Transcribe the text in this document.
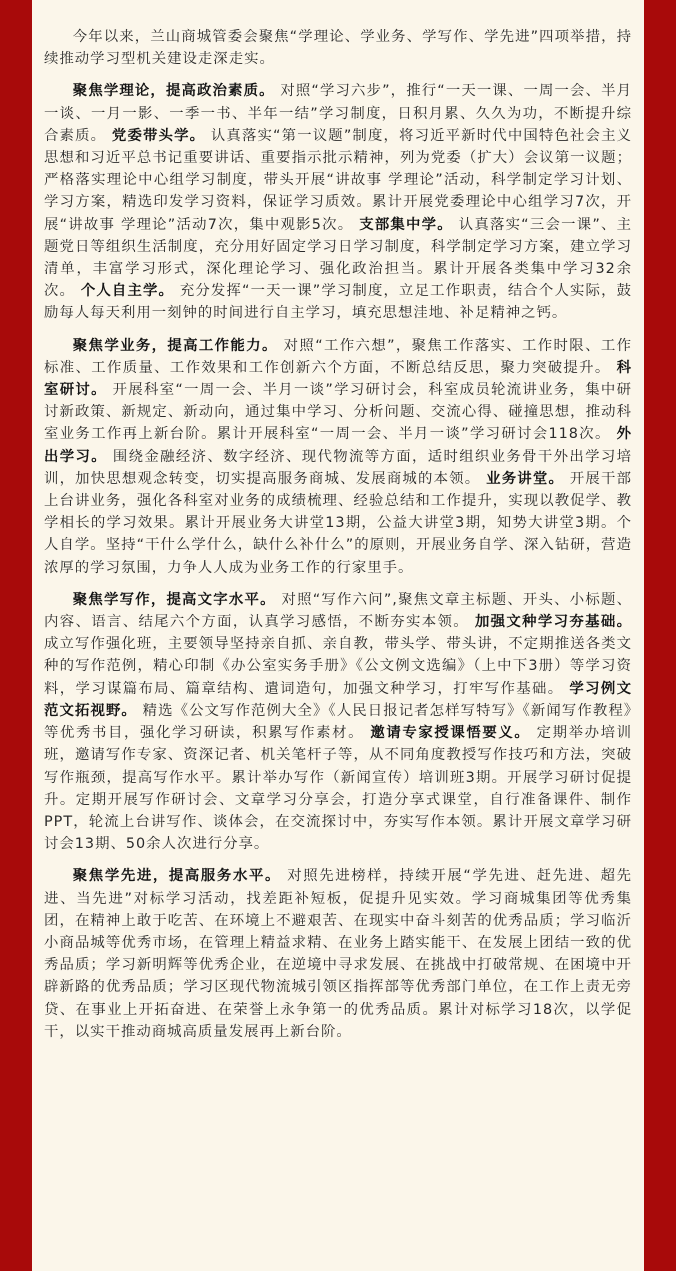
今年以来，兰山商城管委会聚焦“学理论、学业务、学写作、学先进”四项举措，持续推动学习型机关建设走深走实。

聚焦学理论，提高政治素质。 对照“学习六步”，推行“一天一课、一周一会、半月一谈、一月一影、一季一书、半年一结”学习制度，日积月累、久久为功，不断提升综合素质。 党委带头学。 认真落实“第一议题”制度，将习近平新时代中国特色社会主义思想和习近平总书记重要讲话、重要指示批示精神，列为党委（扩大）会议第一议题；严格落实理论中心组学习制度，带头开展“讲故事 学理论”活动，科学制定学习计划、学习方案，精选印发学习资料，保证学习质效。累计开展党委理论中心组学习7次，开展“讲故事 学理论”活动7次，集中观影5次。 支部集中学。 认真落实“三会一课”、主题党日等组织生活制度，充分用好固定学习日学习制度，科学制定学习方案，建立学习清单，丰富学习形式，深化理论学习、强化政治担当。累计开展各类集中学习32余次。 个人自主学。 充分发挥“一天一课”学习制度，立足工作职责，结合个人实际，鼓励每人每天利用一刻钟的时间进行自主学习，填充思想洼地、补足精神之钙。

聚焦学业务，提高工作能力。 对照“工作六想”，聚焦工作落实、工作时限、工作标准、工作质量、工作效果和工作创新六个方面，不断总结反思，聚力突破提升。 科室研讨。 开展科室“一周一会、半月一谈”学习研讨会，科室成员轮流讲业务，集中研讨新政策、新规定、新动向，通过集中学习、分析问题、交流心得、碰撞思想，推动科室业务工作再上新台阶。累计开展科室“一周一会、半月一谈”学习研讨会118次。 外出学习。 围绕金融经济、数字经济、现代物流等方面，适时组织业务骨干外出学习培训，加快思想观念转变，切实提高服务商城、发展商城的本领。 业务讲堂。 开展干部上台讲业务，强化各科室对业务的成绩梳理、经验总结和工作提升，实现以教促学、教学相长的学习效果。累计开展业务大讲堂13期，公益大讲堂3期，知势大讲堂3期。个人自学。坚持“干什么学什么，缺什么补什么”的原则，开展业务自学、深入钻研，营造浓厚的学习氛围，力争人人成为业务工作的行家里手。

聚焦学写作，提高文字水平。 对照“写作六问”,聚焦文章主标题、开头、小标题、内容、语言、结尾六个方面，认真学习感悟，不断夯实本领。 加强文种学习夯基础。 成立写作强化班，主要领导坚持亲自抓、亲自教，带头学、带头讲，不定期推送各类文种的写作范例，精心印制《办公室实务手册》《公文例文选编》（上中下3册）等学习资料，学习谋篇布局、篇章结构、遣词造句，加强文种学习，打牢写作基础。 学习例文范文拓视野。 精选《公文写作范例大全》《人民日报记者怎样写特写》《新闻写作教程》等优秀书目，强化学习研读，积累写作素材。 邀请专家授课悟要义。 定期举办培训班，邀请写作专家、资深记者、机关笔杆子等，从不同角度教授写作技巧和方法，突破写作瓶颈，提高写作水平。累计举办写作（新闻宣传）培训班3期。开展学习研讨促提升。定期开展写作研讨会、文章学习分享会，打造分享式课堂，自行准备课件、制作PPT，轮流上台讲写作、谈体会，在交流探讨中，夯实写作本领。累计开展文章学习研讨会13期、50余人次进行分享。

聚焦学先进，提高服务水平。 对照先进榜样，持续开展“学先进、赶先进、超先进、当先进”对标学习活动，找差距补短板，促提升见实效。学习商城集团等优秀集团，在精神上敢于吃苦、在环境上不避艰苦、在现实中奋斗刻苦的优秀品质；学习临沂小商品城等优秀市场，在管理上精益求精、在业务上踏实能干、在发展上团结一致的优秀品质；学习新明辉等优秀企业，在逆境中寻求发展、在挑战中打破常规、在困境中开辟新路的优秀品质；学习区现代物流城引领区指挥部等优秀部门单位，在工作上责无旁贷、在事业上开拓奋进、在荣誉上永争第一的优秀品质。累计对标学习18次，以学促干，以实干推动商城高质量发展再上新台阶。
